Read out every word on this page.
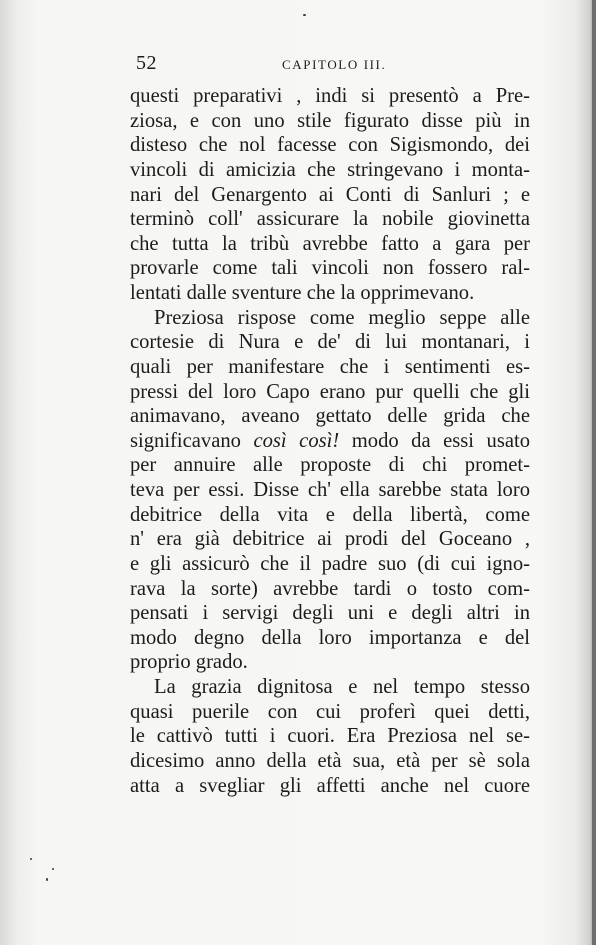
52	CAPITOLO III.
questi preparativi , indi si presentò a Pre-
ziosa, e con uno stile figurato disse più in
disteso che nol facesse con Sigismondo, dei
vincoli di amicizia che stringevano i monta-
nari del Genargento ai Conti di Sanluri ; e
terminò coll' assicurare la nobile giovinetta
che tutta la tribù avrebbe fatto a gara per
provarle come tali vincoli non fossero ral-
lentati dalle sventure che la opprimevano.
Preziosa rispose come meglio seppe alle
cortesie di Nura e de' di lui montanari, i
quali per manifestare che i sentimenti es-
pressi del loro Capo erano pur quelli che gli
animavano, aveano gettato delle grida che
significavano così così! modo da essi usato
per annuire alle proposte di chi promet-
teva per essi. Disse ch' ella sarebbe stata loro
debitrice della vita e della libertà, come
n' era già debitrice ai prodi del Goceano ,
e gli assicurò che il padre suo (di cui igno-
rava la sorte) avrebbe tardi o tosto com-
pensati i servigi degli uni e degli altri in
modo degno della loro importanza e del
proprio grado.
La grazia dignitosa e nel tempo stesso
quasi puerile con cui proferì quei detti,
le cattivò tutti i cuori. Era Preziosa nel se-
dicesimo anno della età sua, età per sè sola
atta a svegliar gli affetti anche nel cuore
